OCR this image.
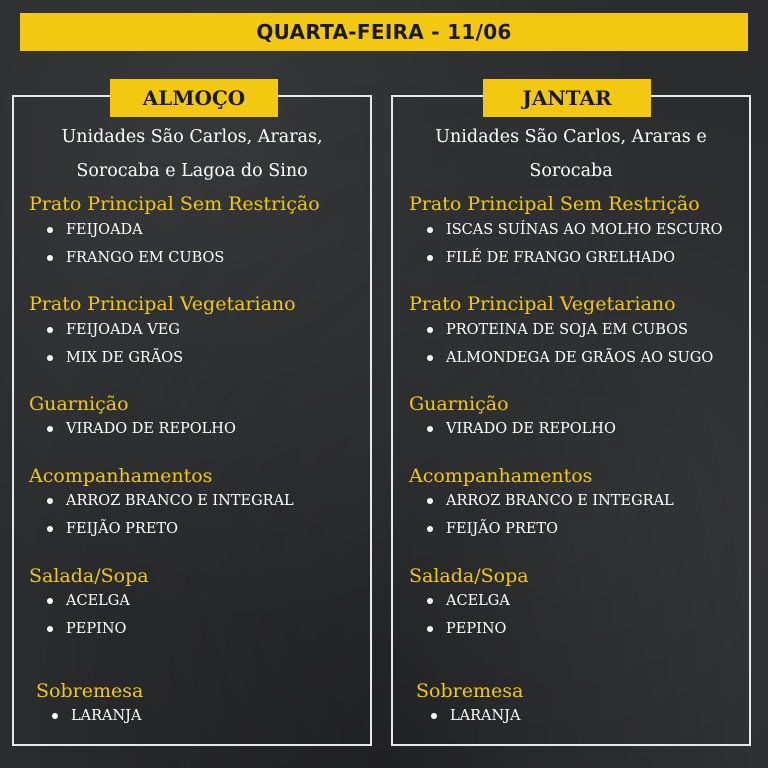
QUARTA-FEIRA - 11/06
ALMOÇO
Unidades São Carlos, Araras,
Sorocaba e Lagoa do Sino
Prato Principal Sem Restrição
FEIJOADA
FRANGO EM CUBOS
Prato Principal Vegetariano
FEIJOADA VEG
MIX DE GRÃOS
Guarnição
VIRADO DE REPOLHO
Acompanhamentos
ARROZ BRANCO E INTEGRAL
FEIJÃO PRETO
Salada/Sopa
ACELGA
PEPINO
Sobremesa
LARANJA
JANTAR
Unidades São Carlos, Araras e
Sorocaba
Prato Principal Sem Restrição
ISCAS SUÍNAS AO MOLHO ESCURO
FILÉ DE FRANGO GRELHADO
Prato Principal Vegetariano
PROTEINA DE SOJA EM CUBOS
ALMONDEGA DE GRÃOS AO SUGO
Guarnição
VIRADO DE REPOLHO
Acompanhamentos
ARROZ BRANCO E INTEGRAL
FEIJÃO PRETO
Salada/Sopa
ACELGA
PEPINO
Sobremesa
LARANJA
